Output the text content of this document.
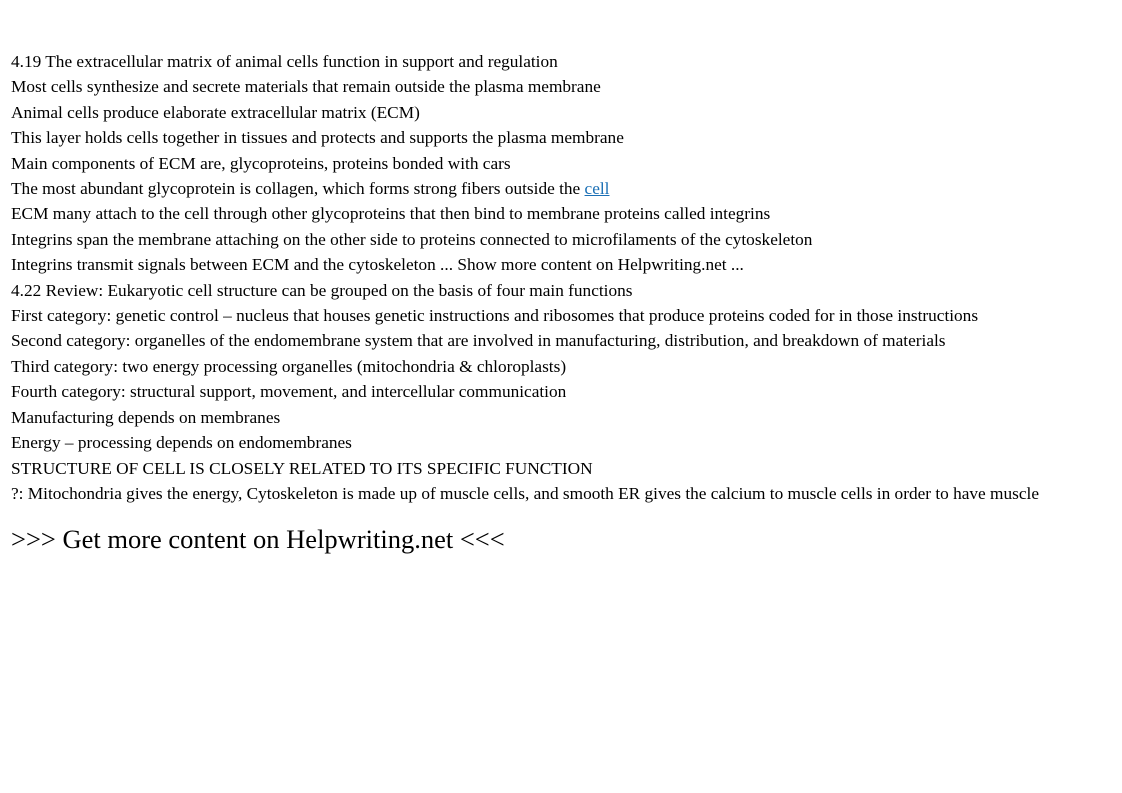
4.19 The extracellular matrix of animal cells function in support and regulation
Most cells synthesize and secrete materials that remain outside the plasma membrane
Animal cells produce elaborate extracellular matrix (ECM)
This layer holds cells together in tissues and protects and supports the plasma membrane
Main components of ECM are, glycoproteins, proteins bonded with cars
The most abundant glycoprotein is collagen, which forms strong fibers outside the cell
ECM many attach to the cell through other glycoproteins that then bind to membrane proteins called integrins
Integrins span the membrane attaching on the other side to proteins connected to microfilaments of the cytoskeleton
Integrins transmit signals between ECM and the cytoskeleton ... Show more content on Helpwriting.net ...
4.22 Review: Eukaryotic cell structure can be grouped on the basis of four main functions
First category: genetic control – nucleus that houses genetic instructions and ribosomes that produce proteins coded for in those instructions
Second category: organelles of the endomembrane system that are involved in manufacturing, distribution, and breakdown of materials
Third category: two energy processing organelles (mitochondria & chloroplasts)
Fourth category: structural support, movement, and intercellular communication
Manufacturing depends on membranes
Energy – processing depends on endomembranes
STRUCTURE OF CELL IS CLOSELY RELATED TO ITS SPECIFIC FUNCTION
?: Mitochondria gives the energy, Cytoskeleton is made up of muscle cells, and smooth ER gives the calcium to muscle cells in order to have muscle
>>> Get more content on Helpwriting.net <<<
